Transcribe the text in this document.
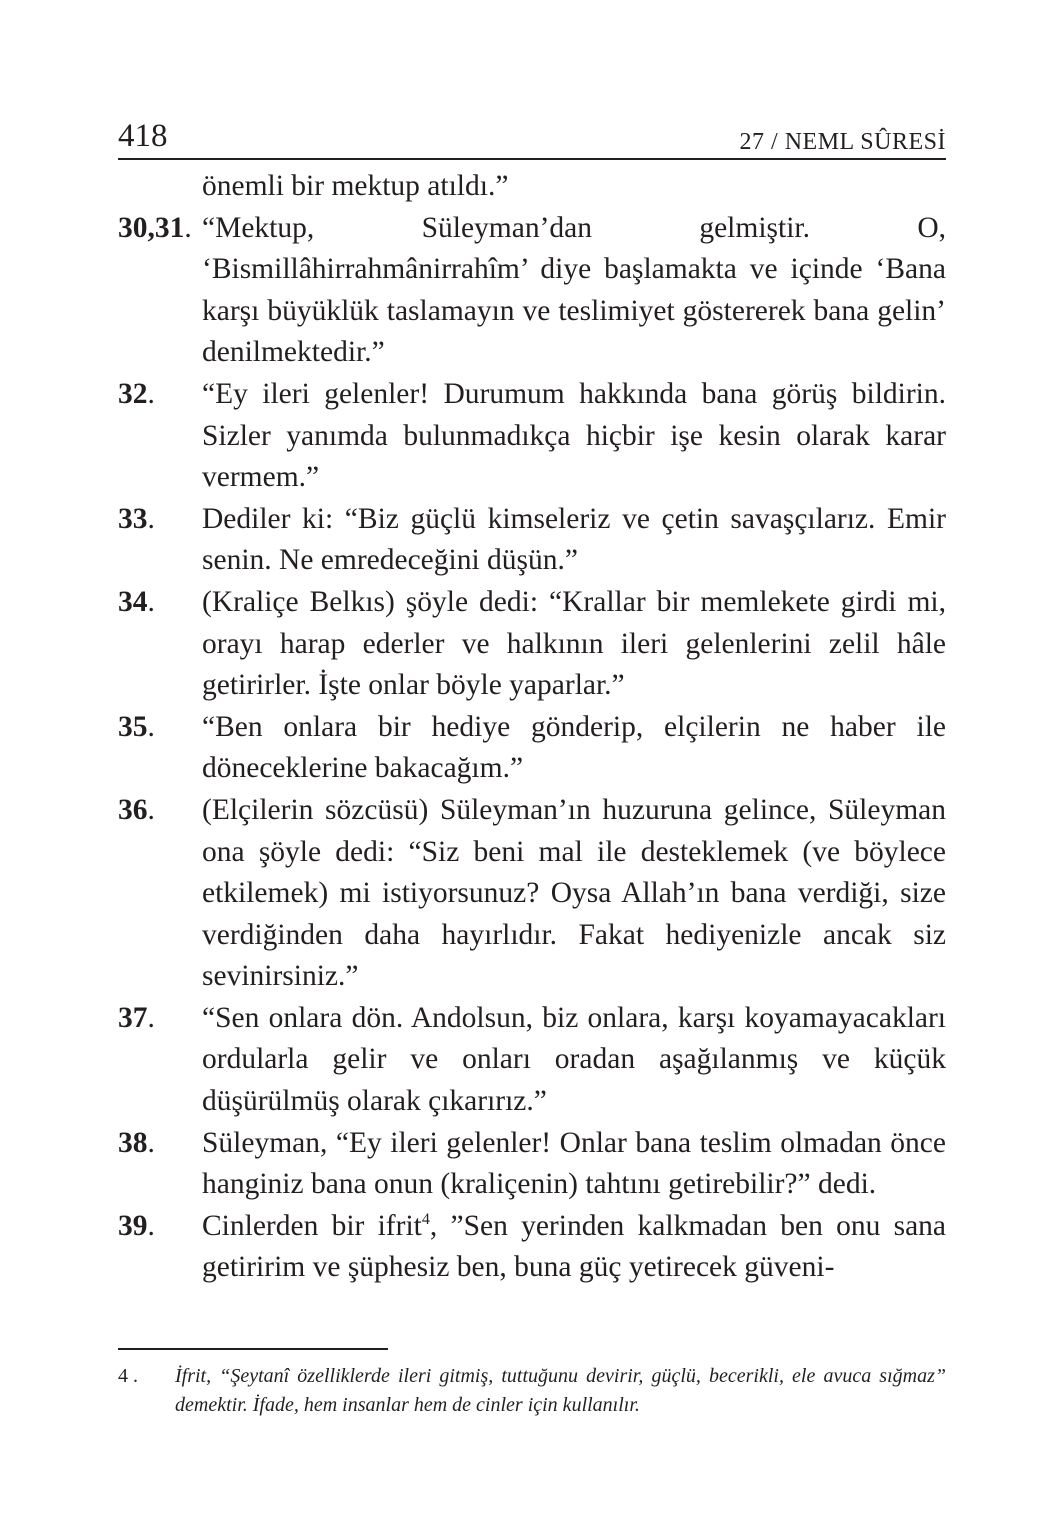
418	27 / NEML SÛRESİ
önemli bir mektup atıldı.”
30,31. “Mektup, Süleyman’dan gelmiştir. O, ‘Bismillâhirrahmânirrahîm’ diye başlamakta ve içinde ‘Bana karşı büyüklük taslamayın ve teslimiyet göstererek bana gelin’ denilmektedir.”
32. “Ey ileri gelenler! Durumum hakkında bana görüş bildirin. Sizler yanımda bulunmadıkça hiçbir işe kesin olarak karar vermem.”
33. Dediler ki: “Biz güçlü kimseleriz ve çetin savaşçılarız. Emir senin. Ne emredeceğini düşün.”
34. (Kraliçe Belkıs) şöyle dedi: “Krallar bir memlekete girdi mi, orayı harap ederler ve halkının ileri gelenlerini zelil hâle getirirler. İşte onlar böyle yaparlar.”
35. “Ben onlara bir hediye gönderip, elçilerin ne haber ile döneceklerine bakacağım.”
36. (Elçilerin sözcüsü) Süleyman’ın huzuruna gelince, Süleyman ona şöyle dedi: “Siz beni mal ile desteklemek (ve böylece etkilemek) mi istiyorsunuz? Oysa Allah’ın bana verdiği, size verdiğinden daha hayırlıdır. Fakat hediyenizle ancak siz sevinirsiniz.”
37. “Sen onlara dön. Andolsun, biz onlara, karşı koyamayacakları ordularla gelir ve onları oradan aşağılanmış ve küçük düşürülmüş olarak çıkarırız.”
38. Süleyman, “Ey ileri gelenler! Onlar bana teslim olmadan önce hanginiz bana onun (kraliçenin) tahtını getirebilir?” dedi.
39. Cinlerden bir ifrit$^4$, ”Sen yerinden kalkmadan ben onu sana getiririm ve şüphesiz ben, buna güç yetirecek güveni-
4 . İfrit, “Şeytanî özelliklerde ileri gitmiş, tuttuğunu devirir, güçlü, becerikli, ele avuca sığmaz” demektir. İfade, hem insanlar hem de cinler için kullanılır.
